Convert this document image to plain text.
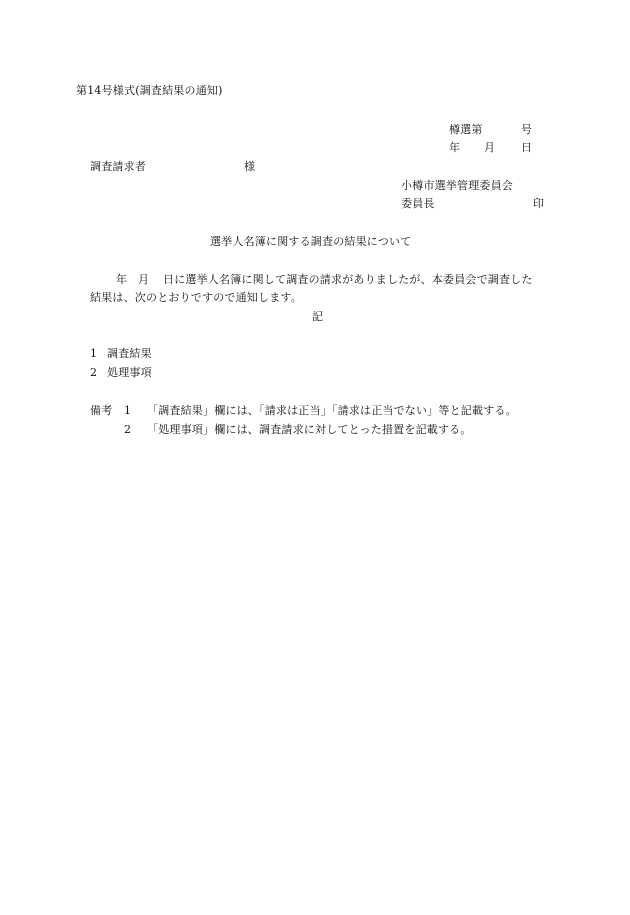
第14号様式(調査結果の通知)
樽選第	号
年 月 日
調査請求者	様
小樽市選挙管理委員会
委員長	印
選挙人名簿に関する調査の結果について
年 月 日に選挙人名簿に関して調査の請求がありましたが、本委員会で調査した
結果は、次のとおりですので通知します。
記
1 調査結果
2 処理事項
備考 1 「調査結果」欄には、「請求は正当」「請求は正当でない」等と記載する。
2 「処理事項」欄には、調査請求に対してとった措置を記載する。
